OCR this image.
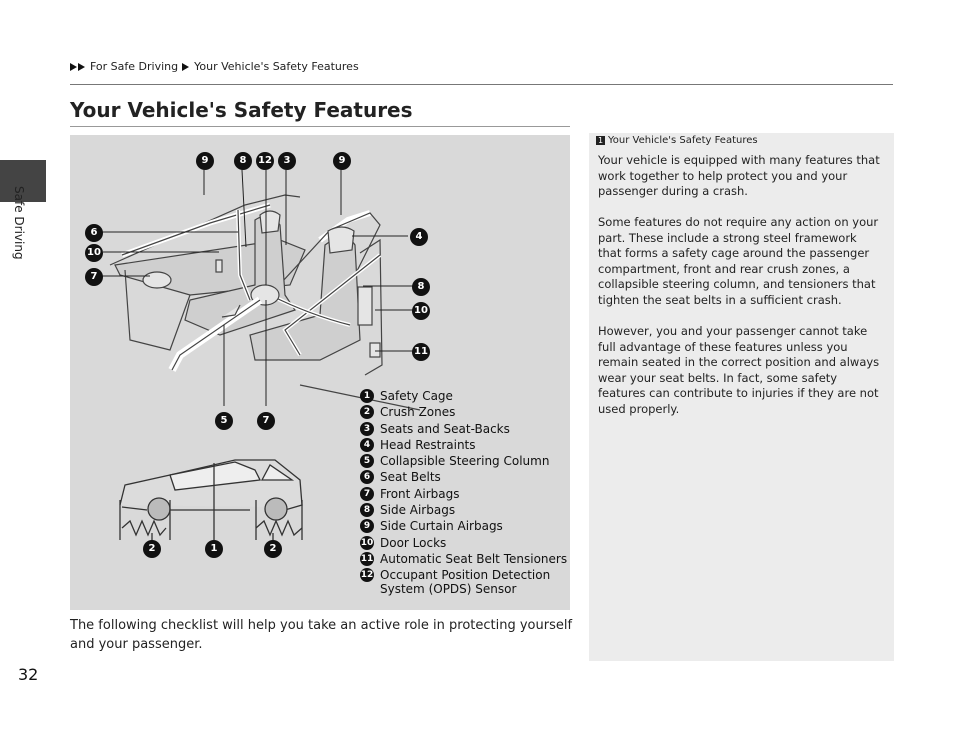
Safe Driving
32
For Safe Driving Your Vehicle's Safety Features
Your Vehicle's Safety Features
9	8	12	3	9
6	4
10
7
8
10
11
5	7
2	1	2
1 Safety Cage
2 Crush Zones
3 Seats and Seat-Backs
4 Head Restraints
5 Collapsible Steering Column
6 Seat Belts
7 Front Airbags
8 Side Airbags
9 Side Curtain Airbags
10 Door Locks
11 Automatic Seat Belt Tensioners
12 Occupant Position Detection System (OPDS) Sensor

The following checklist will help you take an active role in protecting yourself and your passenger.

1 Your Vehicle's Safety Features

Your vehicle is equipped with many features that work together to help protect you and your passenger during a crash.

Some features do not require any action on your part. These include a strong steel framework that forms a safety cage around the passenger compartment, front and rear crush zones, a collapsible steering column, and tensioners that tighten the seat belts in a sufficient crash.

However, you and your passenger cannot take full advantage of these features unless you remain seated in the correct position and always wear your seat belts. In fact, some safety features can contribute to injuries if they are not used properly.
